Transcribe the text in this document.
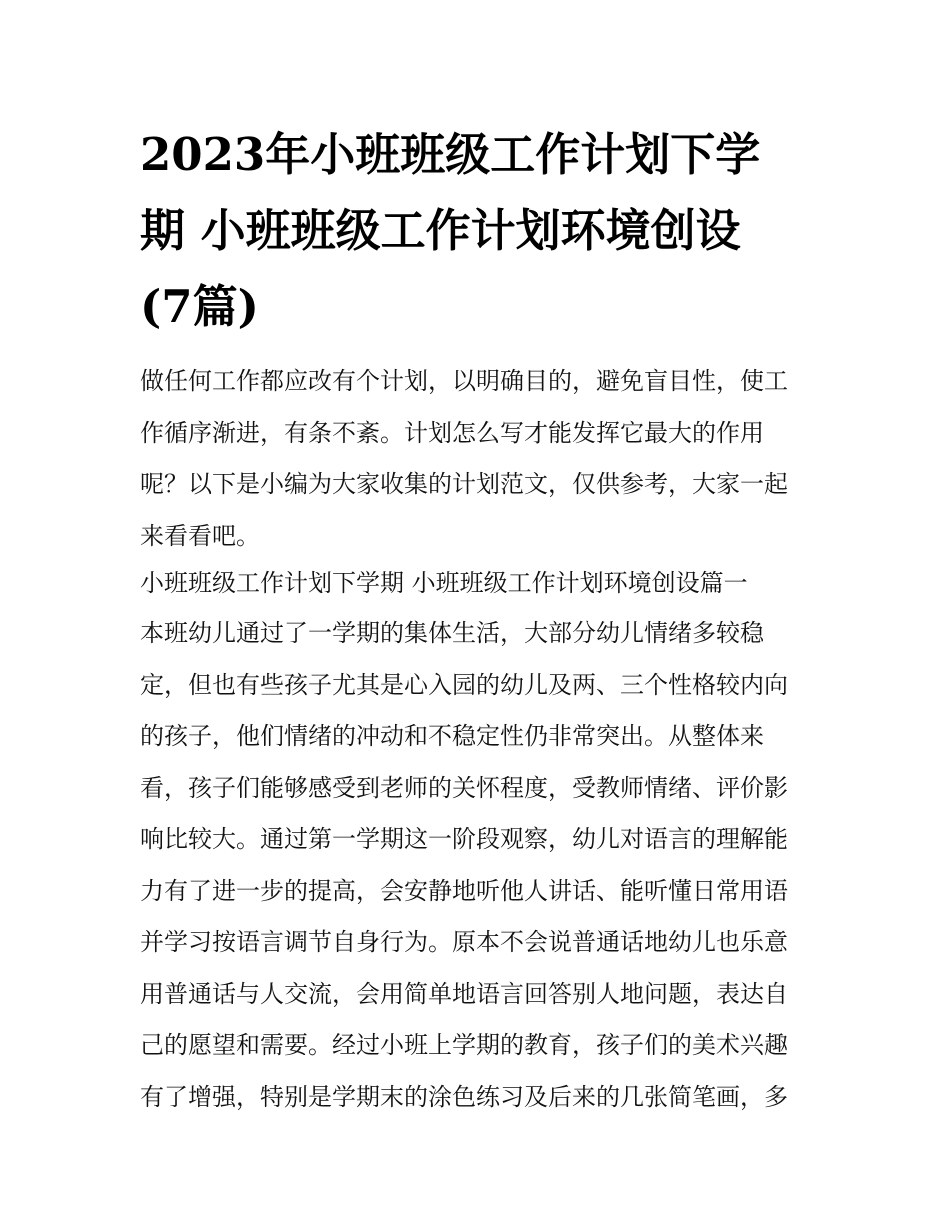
2023年小班班级工作计划下学
期 小班班级工作计划环境创设
(7篇)
做任何工作都应改有个计划，以明确目的，避免盲目性，使工
作循序渐进，有条不紊。计划怎么写才能发挥它最大的作用
呢？以下是小编为大家收集的计划范文，仅供参考，大家一起
来看看吧。
小班班级工作计划下学期 小班班级工作计划环境创设篇一
本班幼儿通过了一学期的集体生活，大部分幼儿情绪多较稳
定，但也有些孩子尤其是心入园的幼儿及两、三个性格较内向
的孩子，他们情绪的冲动和不稳定性仍非常突出。从整体来
看，孩子们能够感受到老师的关怀程度，受教师情绪、评价影
响比较大。通过第一学期这一阶段观察，幼儿对语言的理解能
力有了进一步的提高，会安静地听他人讲话、能听懂日常用语
并学习按语言调节自身行为。原本不会说普通话地幼儿也乐意
用普通话与人交流，会用简单地语言回答别人地问题，表达自
己的愿望和需要。经过小班上学期的教育，孩子们的美术兴趣
有了增强，特别是学期末的涂色练习及后来的几张简笔画，多
